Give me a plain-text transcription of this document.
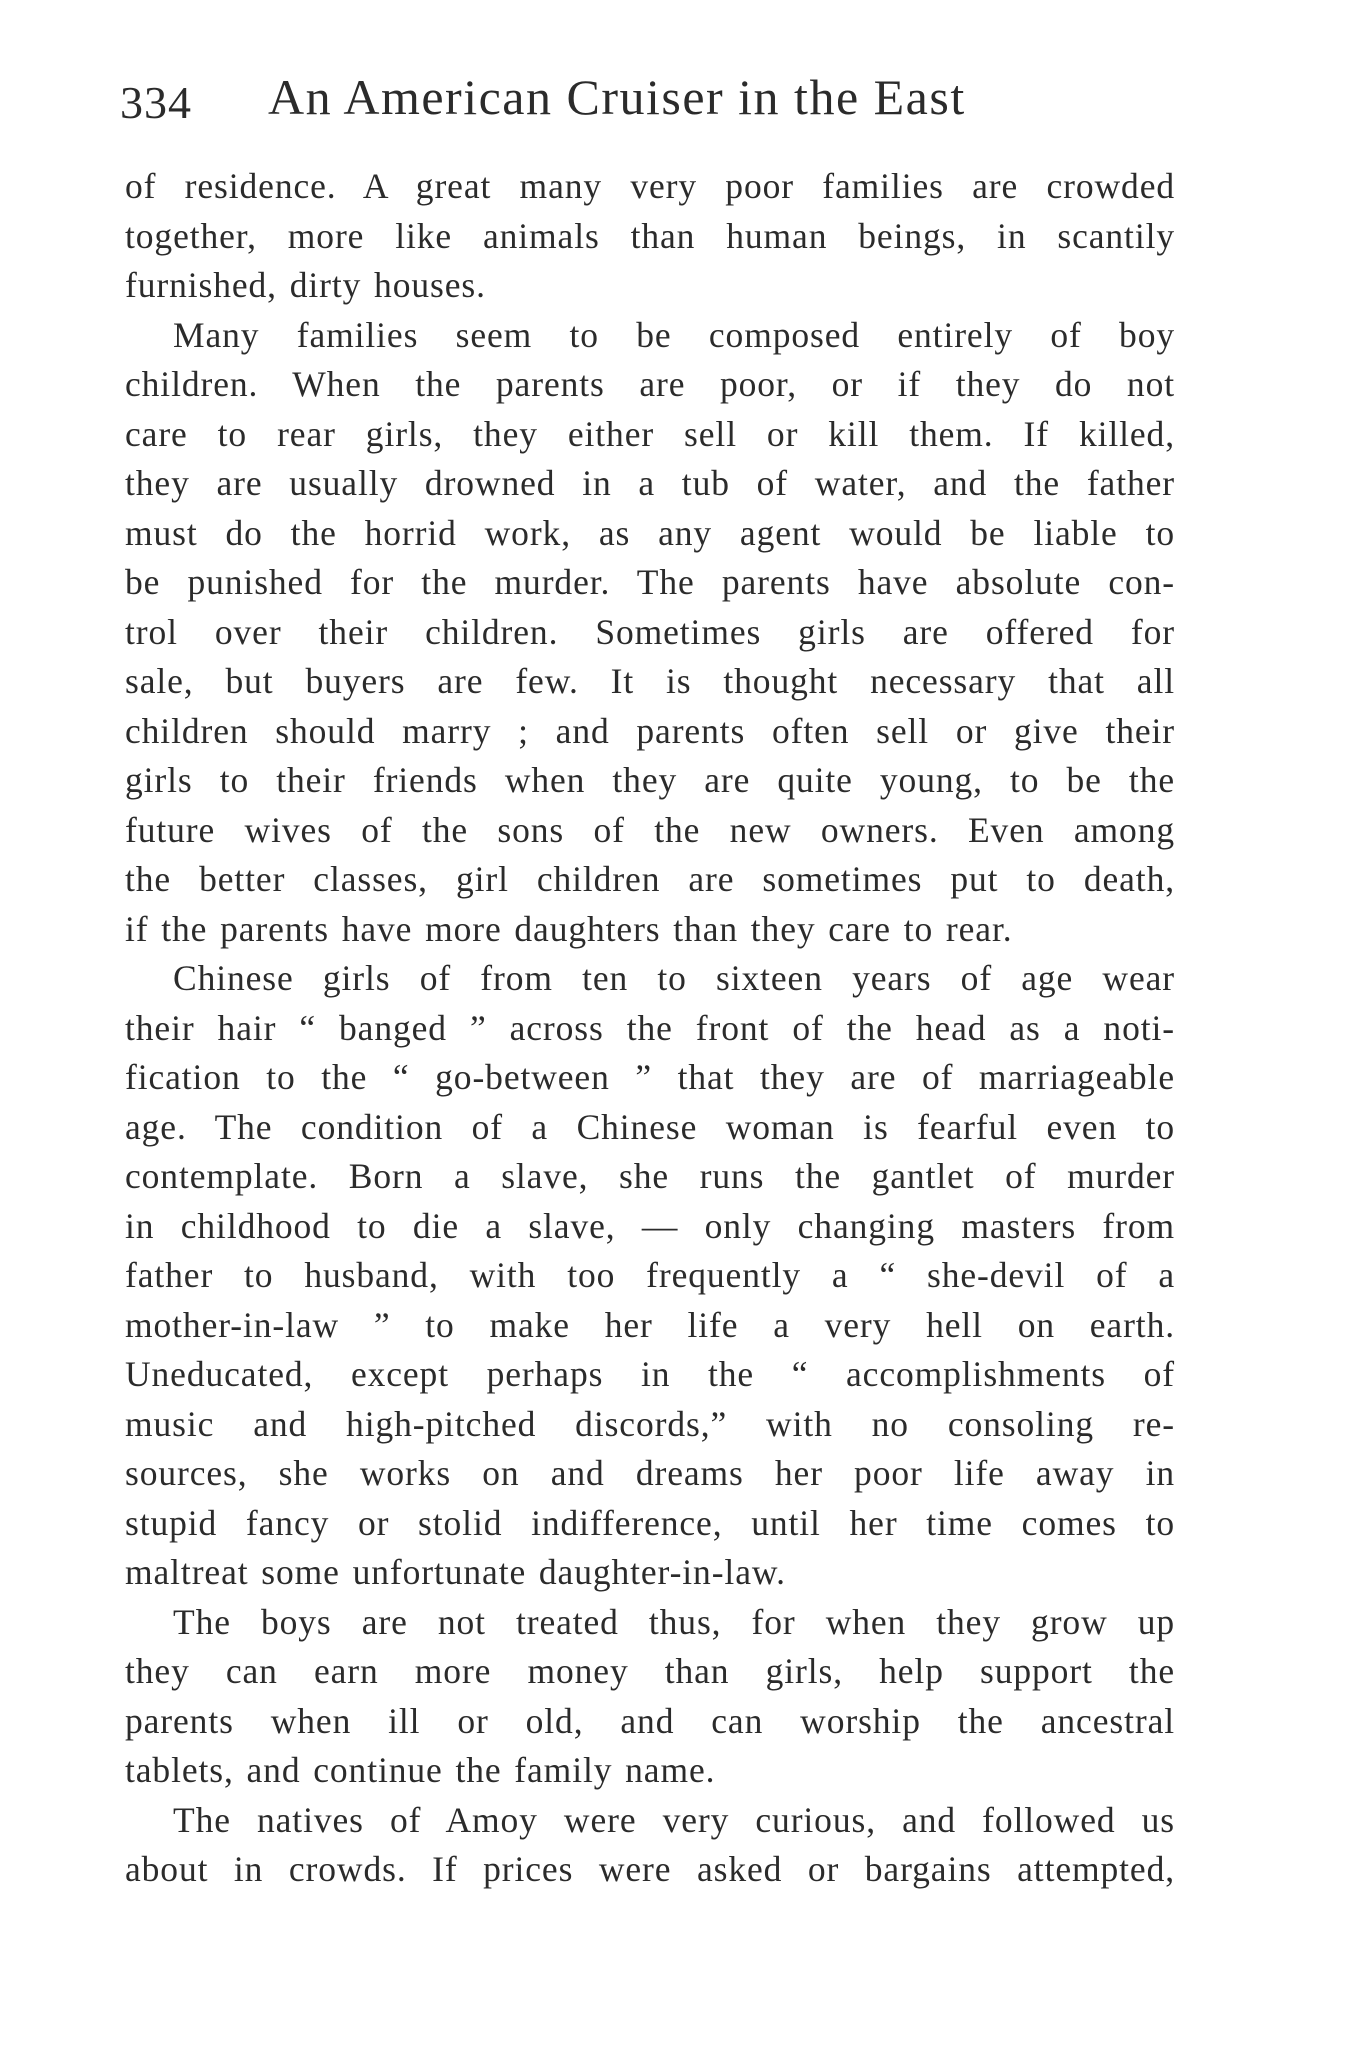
334 An American Cruiser in the East
of residence. A great many very poor families are crowded
together, more like animals than human beings, in scantily
furnished, dirty houses.
Many families seem to be composed entirely of boy
children. When the parents are poor, or if they do not
care to rear girls, they either sell or kill them. If killed,
they are usually drowned in a tub of water, and the father
must do the horrid work, as any agent would be liable to
be punished for the murder. The parents have absolute con-
trol over their children. Sometimes girls are offered for
sale, but buyers are few. It is thought necessary that all
children should marry ; and parents often sell or give their
girls to their friends when they are quite young, to be the
future wives of the sons of the new owners. Even among
the better classes, girl children are sometimes put to death,
if the parents have more daughters than they care to rear.
Chinese girls of from ten to sixteen years of age wear
their hair “ banged ” across the front of the head as a noti-
fication to the “ go-between ” that they are of marriageable
age. The condition of a Chinese woman is fearful even to
contemplate. Born a slave, she runs the gantlet of murder
in childhood to die a slave, — only changing masters from
father to husband, with too frequently a “ she-devil of a
mother-in-law ” to make her life a very hell on earth.
Uneducated, except perhaps in the “ accomplishments of
music and high-pitched discords,” with no consoling re-
sources, she works on and dreams her poor life away in
stupid fancy or stolid indifference, until her time comes to
maltreat some unfortunate daughter-in-law.
The boys are not treated thus, for when they grow up
they can earn more money than girls, help support the
parents when ill or old, and can worship the ancestral
tablets, and continue the family name.
The natives of Amoy were very curious, and followed us
about in crowds. If prices were asked or bargains attempted,
